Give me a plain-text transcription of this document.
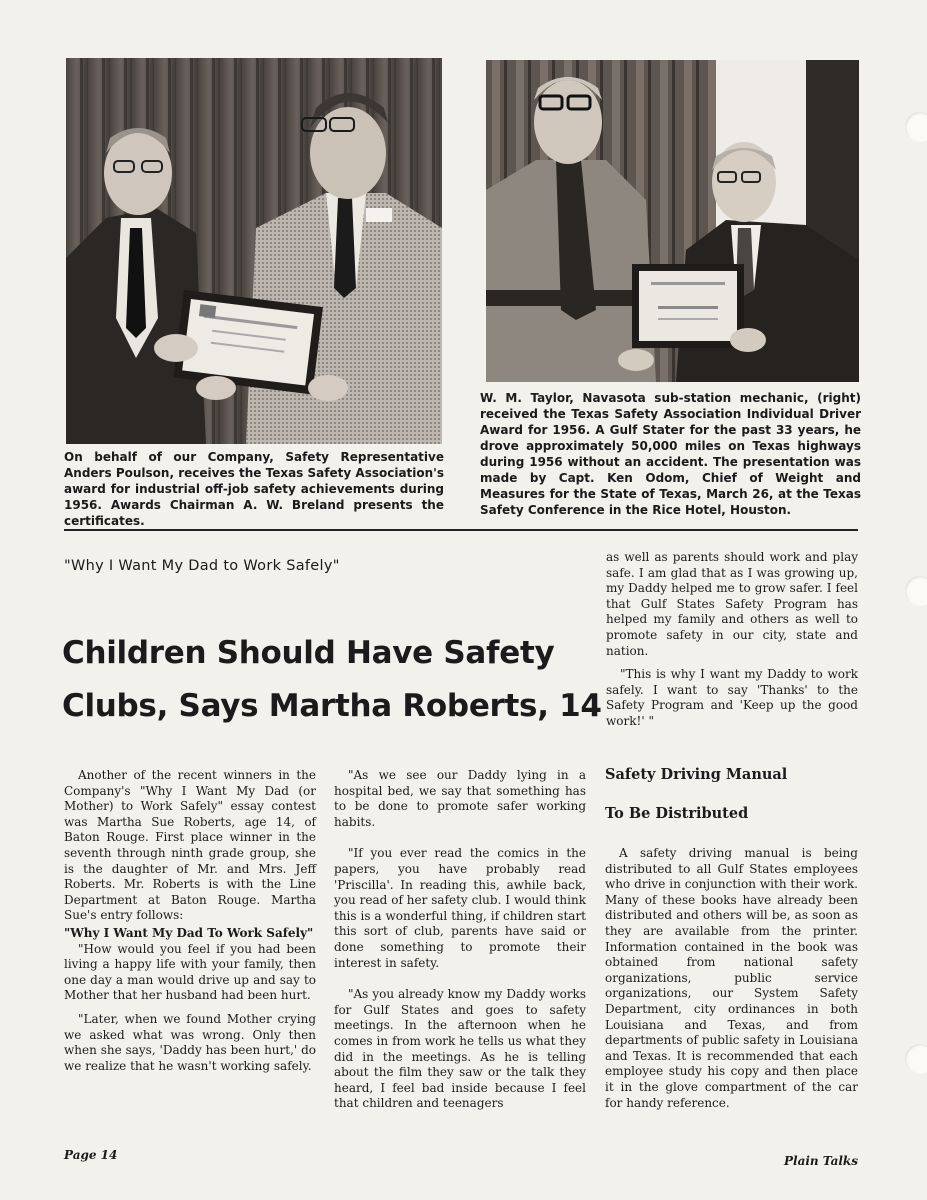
On behalf of our Company, Safety Representative Anders Poulson, receives the Texas Safety Association's award for industrial off-job safety achievements during 1956. Awards Chairman A. W. Breland presents the certificates.

W. M. Taylor, Navasota sub-station mechanic, (right) received the Texas Safety Association Individual Driver Award for 1956. A Gulf Stater for the past 33 years, he drove approximately 50,000 miles on Texas highways during 1956 without an accident. The presentation was made by Capt. Ken Odom, Chief of Weight and Measures for the State of Texas, March 26, at the Texas Safety Conference in the Rice Hotel, Houston.

"Why I Want My Dad to Work Safely"

Children Should Have Safety

Clubs, Says Martha Roberts, 14

as well as parents should work and play safe. I am glad that as I was growing up, my Daddy helped me to grow safer. I feel that Gulf States Safety Program has helped my family and others as well to promote safety in our city, state and nation.

"This is why I want my Daddy to work safely. I want to say 'Thanks' to the Safety Program and 'Keep up the good work!' "

Another of the recent winners in the Company's "Why I Want My Dad (or Mother) to Work Safely" essay contest was Martha Sue Roberts, age 14, of Baton Rouge. First place winner in the seventh through ninth grade group, she is the daughter of Mr. and Mrs. Jeff Roberts. Mr. Roberts is with the Line Department at Baton Rouge. Martha Sue's entry follows:

"Why I Want My Dad To Work Safely"

"How would you feel if you had been living a happy life with your family, then one day a man would drive up and say to Mother that her husband had been hurt.

"Later, when we found Mother crying we asked what was wrong. Only then when she says, 'Daddy has been hurt,' do we realize that he wasn't working safely.

"As we see our Daddy lying in a hospital bed, we say that something has to be done to promote safer working habits.

"If you ever read the comics in the papers, you have probably read 'Priscilla'. In reading this, awhile back, you read of her safety club. I would think this is a wonderful thing, if children start this sort of club, parents have said or done something to promote their interest in safety.

"As you already know my Daddy works for Gulf States and goes to safety meetings. In the afternoon when he comes in from work he tells us what they did in the meetings. As he is telling about the film they saw or the talk they heard, I feel bad inside because I feel that children and teenagers

Safety Driving Manual

To Be Distributed

A safety driving manual is being distributed to all Gulf States employees who drive in conjunction with their work. Many of these books have already been distributed and others will be, as soon as they are available from the printer. Information contained in the book was obtained from national safety organizations, public service organizations, our System Safety Department, city ordinances in both Louisiana and Texas, and from departments of public safety in Louisiana and Texas. It is recommended that each employee study his copy and then place it in the glove compartment of the car for handy reference.

Page 14	Plain Talks
